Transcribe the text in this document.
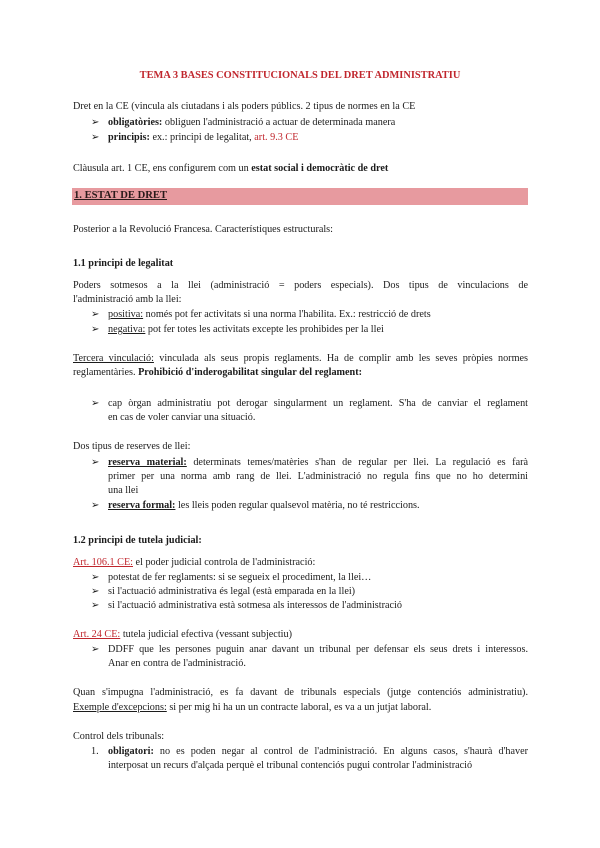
TEMA 3 BASES CONSTITUCIONALS DEL DRET ADMINISTRATIU
Dret en la CE (vincula als ciutadans i als poders públics. 2 tipus de normes en la CE
➢ obligatòries: obliguen l'administració a actuar de determinada manera
➢ principis: ex.: principi de legalitat, art. 9.3 CE
Clàusula art. 1 CE, ens configurem com un estat social i democràtic de dret
1. ESTAT DE DRET
Posterior a la Revolució Francesa. Característiques estructurals:
1.1 principi de legalitat
Poders sotmesos a la llei (administració = poders especials). Dos tipus de vinculacions de
l'administració amb la llei:
➢ positiva: només pot fer activitats si una norma l'habilita. Ex.: restricció de drets
➢ negativa: pot fer totes les activitats excepte les prohibides per la llei
Tercera vinculació: vinculada als seus propis reglaments. Ha de complir amb les seves pròpies normes
reglamentàries. Prohibició d'inderogabilitat singular del reglament:
➢ cap òrgan administratiu pot derogar singularment un reglament. S'ha de canviar el reglament
en cas de voler canviar una situació.
Dos tipus de reserves de llei:
➢ reserva material: determinats temes/matèries s'han de regular per llei. La regulació es farà
primer per una norma amb rang de llei. L'administració no regula fins que no ho determini
una llei
➢ reserva formal: les lleis poden regular qualsevol matèria, no té restriccions.
1.2 principi de tutela judicial:
Art. 106.1 CE: el poder judicial controla de l'administració:
➢ potestat de fer reglaments: si se segueix el procediment, la llei…
➢ si l'actuació administrativa és legal (està emparada en la llei)
➢ si l'actuació administrativa està sotmesa als interessos de l'administració
Art. 24 CE: tutela judicial efectiva (vessant subjectiu)
➢ DDFF que les persones puguin anar davant un tribunal per defensar els seus drets i interessos.
Anar en contra de l'administració.
Quan s'impugna l'administració, es fa davant de tribunals especials (jutge contenciós administratiu).
Exemple d'excepcions: si per mig hi ha un un contracte laboral, es va a un jutjat laboral.
Control dels tribunals:
1. obligatori: no es poden negar al control de l'administració. En alguns casos, s'haurà d'haver
interposat un recurs d'alçada perquè el tribunal contenciós pugui controlar l'administració
